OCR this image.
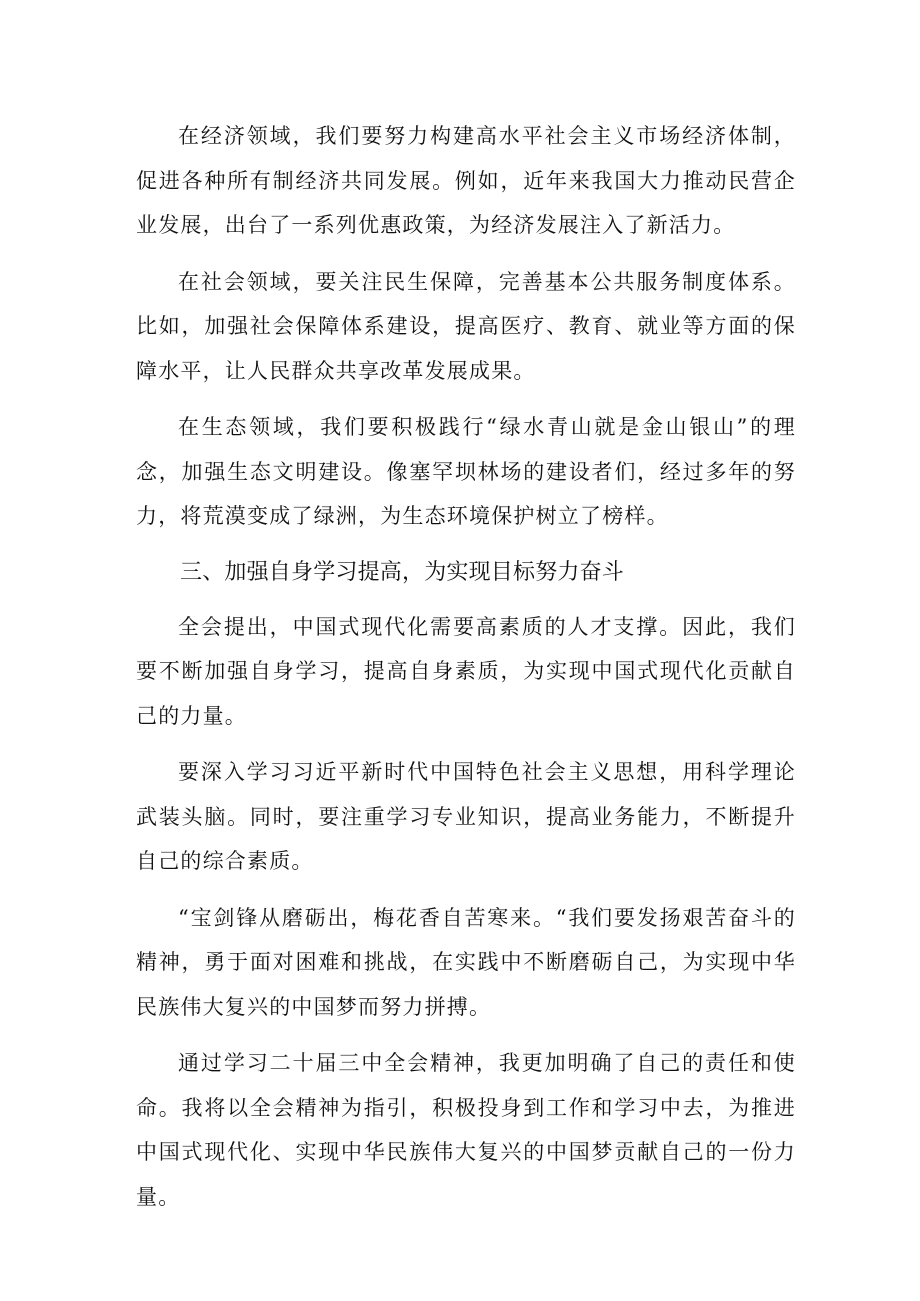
在经济领域，我们要努力构建高水平社会主义市场经济体制，促进各种所有制经济共同发展。例如，近年来我国大力推动民营企业发展，出台了一系列优惠政策，为经济发展注入了新活力。

在社会领域，要关注民生保障，完善基本公共服务制度体系。比如，加强社会保障体系建设，提高医疗、教育、就业等方面的保障水平，让人民群众共享改革发展成果。

在生态领域，我们要积极践行“绿水青山就是金山银山”的理念，加强生态文明建设。像塞罕坝林场的建设者们，经过多年的努力，将荒漠变成了绿洲，为生态环境保护树立了榜样。

三、加强自身学习提高，为实现目标努力奋斗

全会提出，中国式现代化需要高素质的人才支撑。因此，我们要不断加强自身学习，提高自身素质，为实现中国式现代化贡献自己的力量。

要深入学习习近平新时代中国特色社会主义思想，用科学理论武装头脑。同时，要注重学习专业知识，提高业务能力，不断提升自己的综合素质。

“宝剑锋从磨砺出，梅花香自苦寒来。“我们要发扬艰苦奋斗的精神，勇于面对困难和挑战，在实践中不断磨砺自己，为实现中华民族伟大复兴的中国梦而努力拼搏。

通过学习二十届三中全会精神，我更加明确了自己的责任和使命。我将以全会精神为指引，积极投身到工作和学习中去，为推进中国式现代化、实现中华民族伟大复兴的中国梦贡献自己的一份力量。
